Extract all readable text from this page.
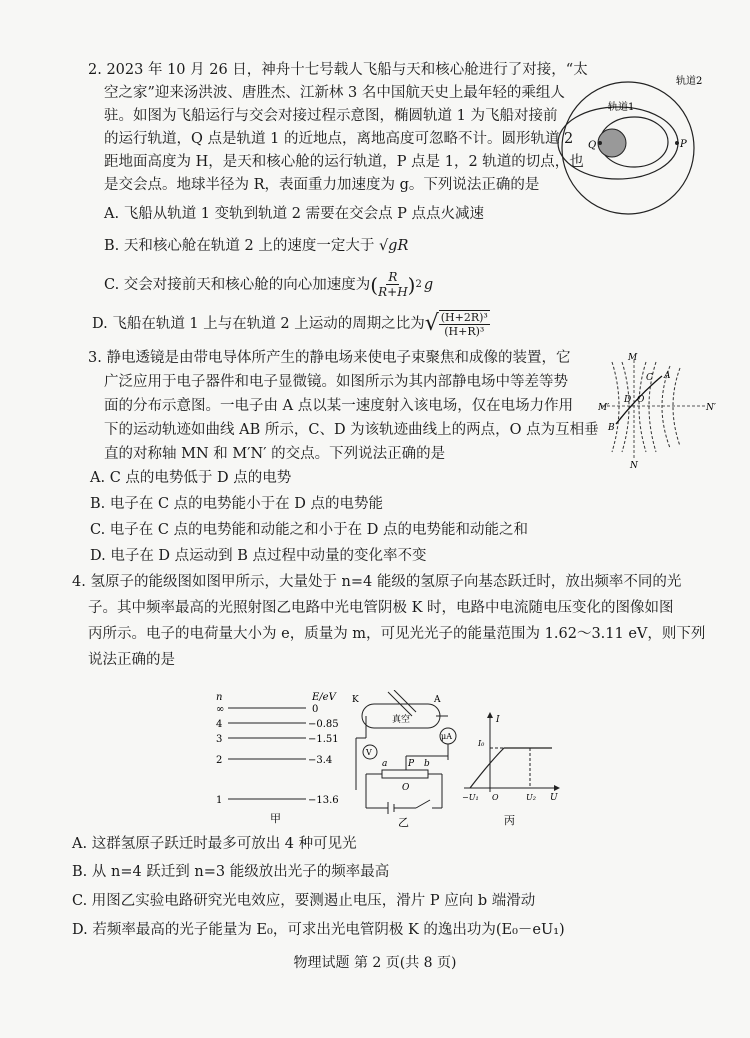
2. 2023 年 10 月 26 日，神舟十七号载人飞船与天和核心舱进行了对接，“太
空之家”迎来汤洪波、唐胜杰、江新林 3 名中国航天史上最年轻的乘组人
驻。如图为飞船运行与交会对接过程示意图，椭圆轨道 1 为飞船对接前
的运行轨道，Q 点是轨道 1 的近地点，离地高度可忽略不计。圆形轨道 2
距地面高度为 H，是天和核心舱的运行轨道，P 点是 1，2 轨道的切点，也
是交会点。地球半径为 R，表面重力加速度为 g。下列说法正确的是
A. 飞船从轨道 1 变轨到轨道 2 需要在交会点 P 点点火减速
B. 天和核心舱在轨道 2 上的速度一定大于 √gR
C. 交会对接前天和核心舱的向心加速度为 ( $\frac{R}{R+H}$ ) 2 g
D. 飞船在轨道 1 上与在轨道 2 上运动的周期之比为 √ $\frac{\text{(H+2R)³}}{\text{(H+R)³}}$
轨道2
轨道1
Q	P
3. 静电透镜是由带电导体所产生的静电场来使电子束聚焦和成像的装置，它
广泛应用于电子器件和电子显微镜。如图所示为其内部静电场中等差等势
面的分布示意图。一电子由 A 点以某一速度射入该电场，仅在电场力作用
下的运动轨迹如曲线 AB 所示，C、D 为该轨迹曲线上的两点，O 点为互相垂
直的对称轴 MN 和 M′N′ 的交点。下列说法正确的是
A. C 点的电势低于 D 点的电势
B. 电子在 C 点的电势能小于在 D 点的电势能
C. 电子在 C 点的电势能和动能之和小于在 D 点的电势能和动能之和
D. 电子在 D 点运动到 B 点过程中动量的变化率不变
M
N
M′	N′
A
B
C
D O
4. 氢原子的能级图如图甲所示，大量处于 n=4 能级的氢原子向基态跃迁时，放出频率不同的光
子。其中频率最高的光照射图乙电路中光电管阴极 K 时，电路中电流随电压变化的图像如图
丙所示。电子的电荷量大小为 e，质量为 m，可见光光子的能量范围为 1.62～3.11 eV，则下列
说法正确的是
n	E/eV
∞	0
4	−0.85
3	−1.51
2	−3.4
1	−13.6
甲
K	A
真空
μA
V
a	b
P
O
乙
I
I₀
U
O
−U₁	U₂
丙
A. 这群氢原子跃迁时最多可放出 4 种可见光
B. 从 n=4 跃迁到 n=3 能级放出光子的频率最高
C. 用图乙实验电路研究光电效应，要测遏止电压，滑片 P 应向 b 端滑动
D. 若频率最高的光子能量为 E₀，可求出光电管阴极 K 的逸出功为(E₀－eU₁)
物理试题 第 2 页(共 8 页)
